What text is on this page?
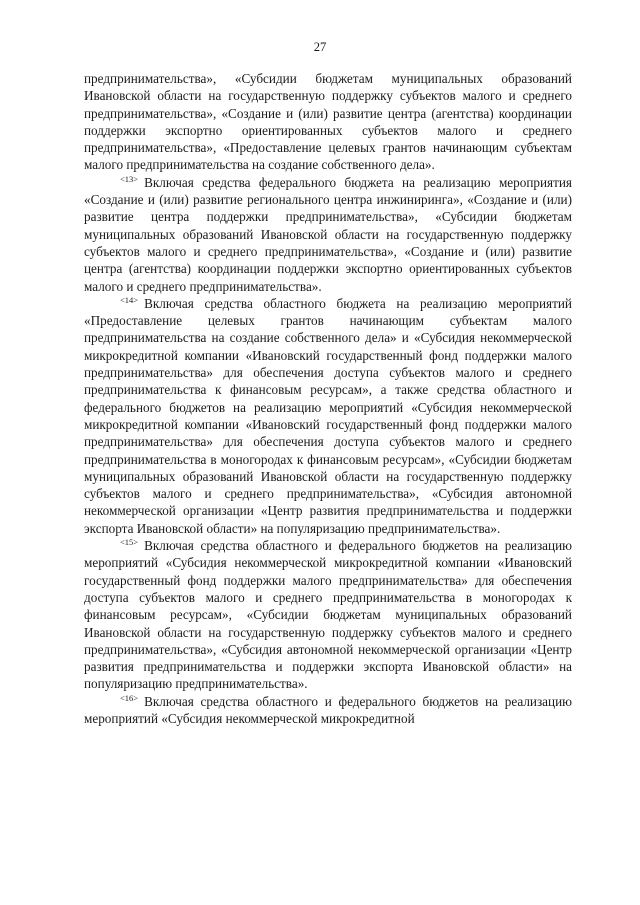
27

предпринимательства», «Субсидии бюджетам муниципальных образований Ивановской области на государственную поддержку субъектов малого и среднего предпринимательства», «Создание и (или) развитие центра (агентства) координации поддержки экспортно ориентированных субъектов малого и среднего предпринимательства», «Предоставление целевых грантов начинающим субъектам малого предпринимательства на создание собственного дела».

$^{<13>}$ Включая средства федерального бюджета на реализацию мероприятия «Создание и (или) развитие регионального центра инжиниринга», «Создание и (или) развитие центра поддержки предпринимательства», «Субсидии бюджетам муниципальных образований Ивановской области на государственную поддержку субъектов малого и среднего предпринимательства», «Создание и (или) развитие центра (агентства) координации поддержки экспортно ориентированных субъектов малого и среднего предпринимательства».

$^{<14>}$ Включая средства областного бюджета на реализацию мероприятий «Предоставление целевых грантов начинающим субъектам малого предпринимательства на создание собственного дела» и «Субсидия некоммерческой микрокредитной компании «Ивановский государственный фонд поддержки малого предпринимательства» для обеспечения доступа субъектов малого и среднего предпринимательства к финансовым ресурсам», а также средства областного и федерального бюджетов на реализацию мероприятий «Субсидия некоммерческой микрокредитной компании «Ивановский государственный фонд поддержки малого предпринимательства» для обеспечения доступа субъектов малого и среднего предпринимательства в моногородах к финансовым ресурсам», «Субсидии бюджетам муниципальных образований Ивановской области на государственную поддержку субъектов малого и среднего предпринимательства», «Субсидия автономной некоммерческой организации «Центр развития предпринимательства и поддержки экспорта Ивановской области» на популяризацию предпринимательства».

$^{<15>}$ Включая средства областного и федерального бюджетов на реализацию мероприятий «Субсидия некоммерческой микрокредитной компании «Ивановский государственный фонд поддержки малого предпринимательства» для обеспечения доступа субъектов малого и среднего предпринимательства в моногородах к финансовым ресурсам», «Субсидии бюджетам муниципальных образований Ивановской области на государственную поддержку субъектов малого и среднего предпринимательства», «Субсидия автономной некоммерческой организации «Центр развития предпринимательства и поддержки экспорта Ивановской области» на популяризацию предпринимательства».

$^{<16>}$ Включая средства областного и федерального бюджетов на реализацию мероприятий «Субсидия некоммерческой микрокредитной
